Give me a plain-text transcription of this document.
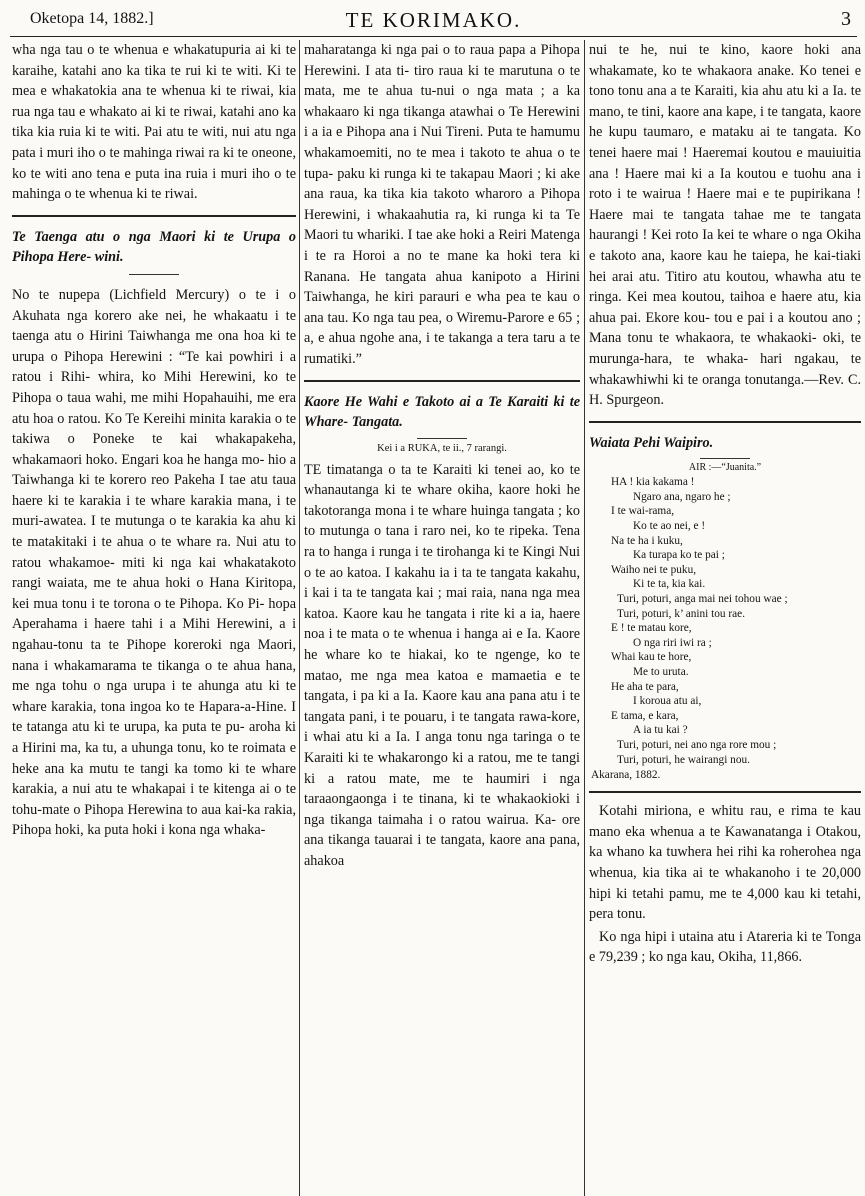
Oketopa 14, 1882.]	TE KORIMAKO.	3

wha nga tau o te whenua e whakatupuria ai ki te karaihe, katahi ano ka tika te rui ki te witi. Ki te mea e whakatokia ana te whenua ki te riwai, kia rua nga tau e whakato ai ki te riwai, katahi ano ka tika kia ruia ki te witi. Pai atu te witi, nui atu nga pata i muri iho o te mahinga riwai ra ki te oneone, ko te witi ano tena e puta ina ruia i muri iho o te mahinga o te whenua ki te riwai.

Te Taenga atu o nga Maori ki te Urupa o Pihopa Here- wini.

No te nupepa (Lichfield Mercury) o te i o Akuhata nga korero ake nei, he whakaatu i te taenga atu o Hirini Taiwhanga me ona hoa ki te urupa o Pihopa Herewini : “Te kai powhiri i a ratou i Rihi- whira, ko Mihi Herewini, ko te Pihopa o taua wahi, me mihi Hopahauihi, me era atu hoa o ratou. Ko Te Kereihi minita karakia o te takiwa o Poneke te kai whakapakeha, whakamaori hoko. Engari koa he hanga mo- hio a Taiwhanga ki te korero reo Pakeha I tae atu taua haere ki te karakia i te whare karakia mana, i te muri-awatea. I te mutunga o te karakia ka ahu ki te matakitaki i te ahua o te whare ra. Nui atu to ratou whakamoe- miti ki nga kai whakatakoto rangi waiata, me te ahua hoki o Hana Kiritopa, kei mua tonu i te torona o te Pihopa. Ko Pi- hopa Aperahama i haere tahi i a Mihi Herewini, a i ngahau-tonu ta te Pihope koreroki nga Maori, nana i whakamarama te tikanga o te ahua hana, me nga tohu o nga urupa i te ahunga atu ki te whare karakia, tona ingoa ko te Hapara-a-Hine. I te tatanga atu ki te urupa, ka puta te pu- aroha ki a Hirini ma, ka tu, a uhunga tonu, ko te roimata e heke ana ka mutu te tangi ka tomo ki te whare karakia, a nui atu te whakapai i te kitenga ai o te tohu-mate o Pihopa Herewina to aua kai-ka rakia, Pihopa hoki, ka puta hoki i kona nga whaka-

maharatanga ki nga pai o to raua papa a Pihopa Herewini. I ata ti- tiro raua ki te marutuna o te mata, me te ahua tu-nui o nga mata ; a ka whakaaro ki nga tikanga atawhai o Te Herewini i a ia e Pihopa ana i Nui Tireni. Puta te hamumu whakamoemiti, no te mea i takoto te ahua o te tupa- paku ki runga ki te takapau Maori ; ki ake ana raua, ka tika kia takoto wharoro a Pihopa Herewini, i whakaahutia ra, ki runga ki ta Te Maori tu whariki. I tae ake hoki a Reiri Matenga i te ra Horoi a no te mane ka hoki tera ki Ranana. He tangata ahua kanipoto a Hirini Taiwhanga, he kiri parauri e wha pea te kau o ana tau. Ko nga tau pea, o Wiremu-Parore e 65 ; a, e ahua ngohe ana, i te takanga a tera taru a te rumatiki.”

Kaore He Wahi e Takoto ai a Te Karaiti ki te Whare- Tangata.

Kei i a RUKA, te ii., 7 rarangi.

TE timatanga o ta te Karaiti ki tenei ao, ko te whanautanga ki te whare okiha, kaore hoki he takotoranga mona i te whare huinga tangata ; ko to mutunga o tana i raro nei, ko te ripeka. Tena ra to hanga i runga i te tirohanga ki te Kingi Nui o te ao katoa. I kakahu ia i ta te tangata kakahu, i kai i ta te tangata kai ; mai raia, nana nga mea katoa. Kaore kau he tangata i rite ki a ia, haere noa i te mata o te whenua i hanga ai e Ia. Kaore he whare ko te hiakai, ko te ngenge, ko te matao, me nga mea katoa e mamaetia e te tangata, i pa ki a Ia. Kaore kau ana pana atu i te tangata pani, i te pouaru, i te tangata rawa-kore, i whai atu ki a Ia. I anga tonu nga taringa o te Karaiti ki te whakarongo ki a ratou, me te tangi ki a ratou mate, me te haumiri i nga taraaongaonga i te tinana, ki te whakaokioki i nga tikanga taimaha i o ratou wairua. Ka- ore ana tikanga tauarai i te tangata, kaore ana pana, ahakoa

nui te he, nui te kino, kaore hoki ana whakamate, ko te whakaora anake. Ko tenei e tono tonu ana a te Karaiti, kia ahu atu ki a Ia. te mano, te tini, kaore ana kape, i te tangata, kaore he kupu taumaro, e mataku ai te tangata. Ko tenei haere mai ! Haeremai koutou e mauiuitia ana ! Haere mai ki a Ia koutou e tuohu ana i roto i te wairua ! Haere mai e te pupirikana ! Haere mai te tangata tahae me te tangata haurangi ! Kei roto Ia kei te whare o nga Okiha e takoto ana, kaore kau he taiepa, he kai-tiaki hei arai atu. Titiro atu koutou, whawha atu te ringa. Kei mea koutou, taihoa e haere atu, kia ahua pai. Ekore kou- tou e pai i a koutou ano ; Mana tonu te whakaora, te whakaoki- oki, te murunga-hara, te whaka- hari ngakau, te whakawhiwhi ki te oranga tonutanga.—Rev. C. H. Spurgeon.

Waiata Pehi Waipiro.

AIR :—“Juanita.”
HA ! kia kakama !
Ngaro ana, ngaro he ;
I te wai-rama,
Ko te ao nei, e !
Na te ha i kuku,
Ka turapa ko te pai ;
Waiho nei te puku,
Ki te ta, kia kai.
Turi, poturi, anga mai nei tohou wae ;
Turi, poturi, k’ anini tou rae.
E ! te matau kore,
O nga riri iwi ra ;
Whai kau te hore,
Me to uruta.
He aha te para,
I koroua atu ai,
E tama, e kara,
A ia tu kai ?
Turi, poturi, nei ano nga rore mou ;
Turi, poturi, he wairangi nou.
Akarana, 1882.

Kotahi miriona, e whitu rau, e rima te kau mano eka whenua a te Kawanatanga i Otakou, ka whano ka tuwhera hei rihi ka roherohea nga whenua, kia tika ai te whakanoho i te 20,000 hipi ki tetahi pamu, me te 4,000 kau ki tetahi, pera tonu.

Ko nga hipi i utaina atu i Atareria ki te Tonga e 79,239 ; ko nga kau, Okiha, 11,866.
